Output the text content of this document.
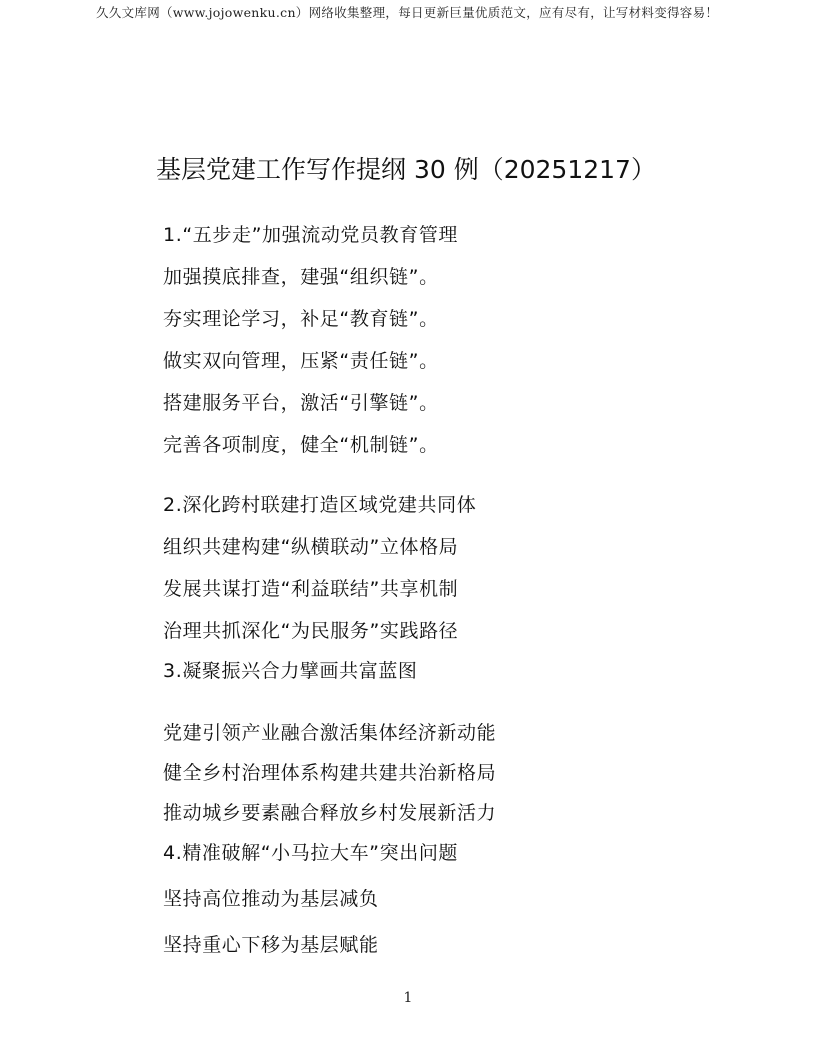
久久文库网（www.jojowenku.cn）网络收集整理，每日更新巨量优质范文，应有尽有，让写材料变得容易！
基层党建工作写作提纲 30 例（20251217）
1.“五步走”加强流动党员教育管理
加强摸底排查，建强“组织链”。
夯实理论学习，补足“教育链”。
做实双向管理，压紧“责任链”。
搭建服务平台，激活“引擎链”。
完善各项制度，健全“机制链”。
2.深化跨村联建打造区域党建共同体
组织共建构建“纵横联动”立体格局
发展共谋打造“利益联结”共享机制
治理共抓深化“为民服务”实践路径
3.凝聚振兴合力擘画共富蓝图
党建引领产业融合激活集体经济新动能
健全乡村治理体系构建共建共治新格局
推动城乡要素融合释放乡村发展新活力
4.精准破解“小马拉大车”突出问题
坚持高位推动为基层减负
坚持重心下移为基层赋能
1
